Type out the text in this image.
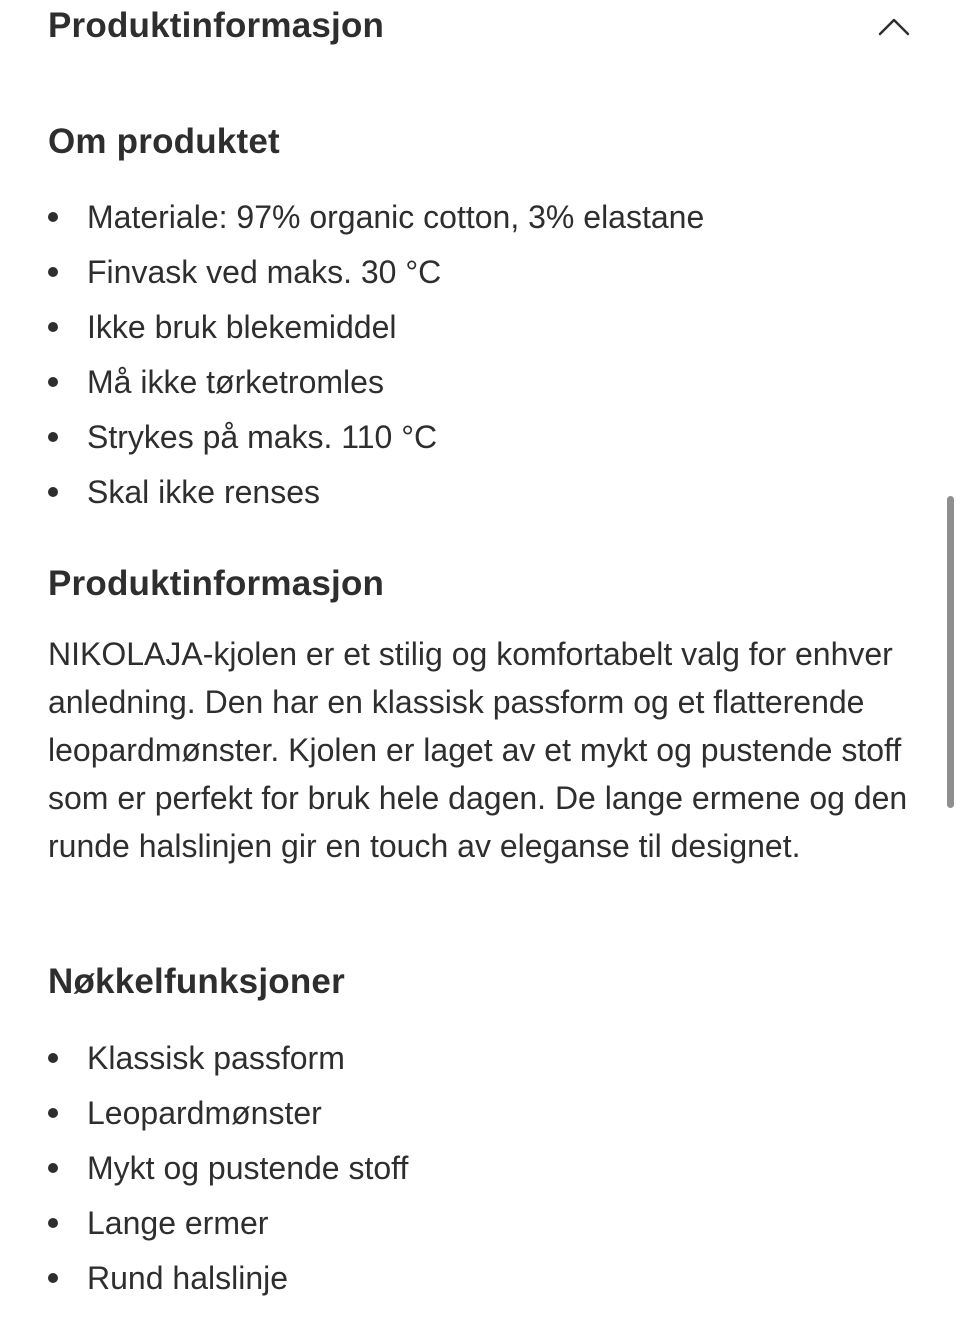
Produktinformasjon
Om produktet
Materiale: 97% organic cotton, 3% elastane
Finvask ved maks. 30 °C
Ikke bruk blekemiddel
Må ikke tørketromles
Strykes på maks. 110 °C
Skal ikke renses
Produktinformasjon

NIKOLAJA-kjolen er et stilig og komfortabelt valg for enhver anledning. Den har en klassisk passform og et flatterende leopardmønster. Kjolen er laget av et mykt og pustende stoff som er perfekt for bruk hele dagen. De lange ermene og den runde halslinjen gir en touch av eleganse til designet.

Nøkkelfunksjoner
Klassisk passform
Leopardmønster
Mykt og pustende stoff
Lange ermer
Rund halslinje
